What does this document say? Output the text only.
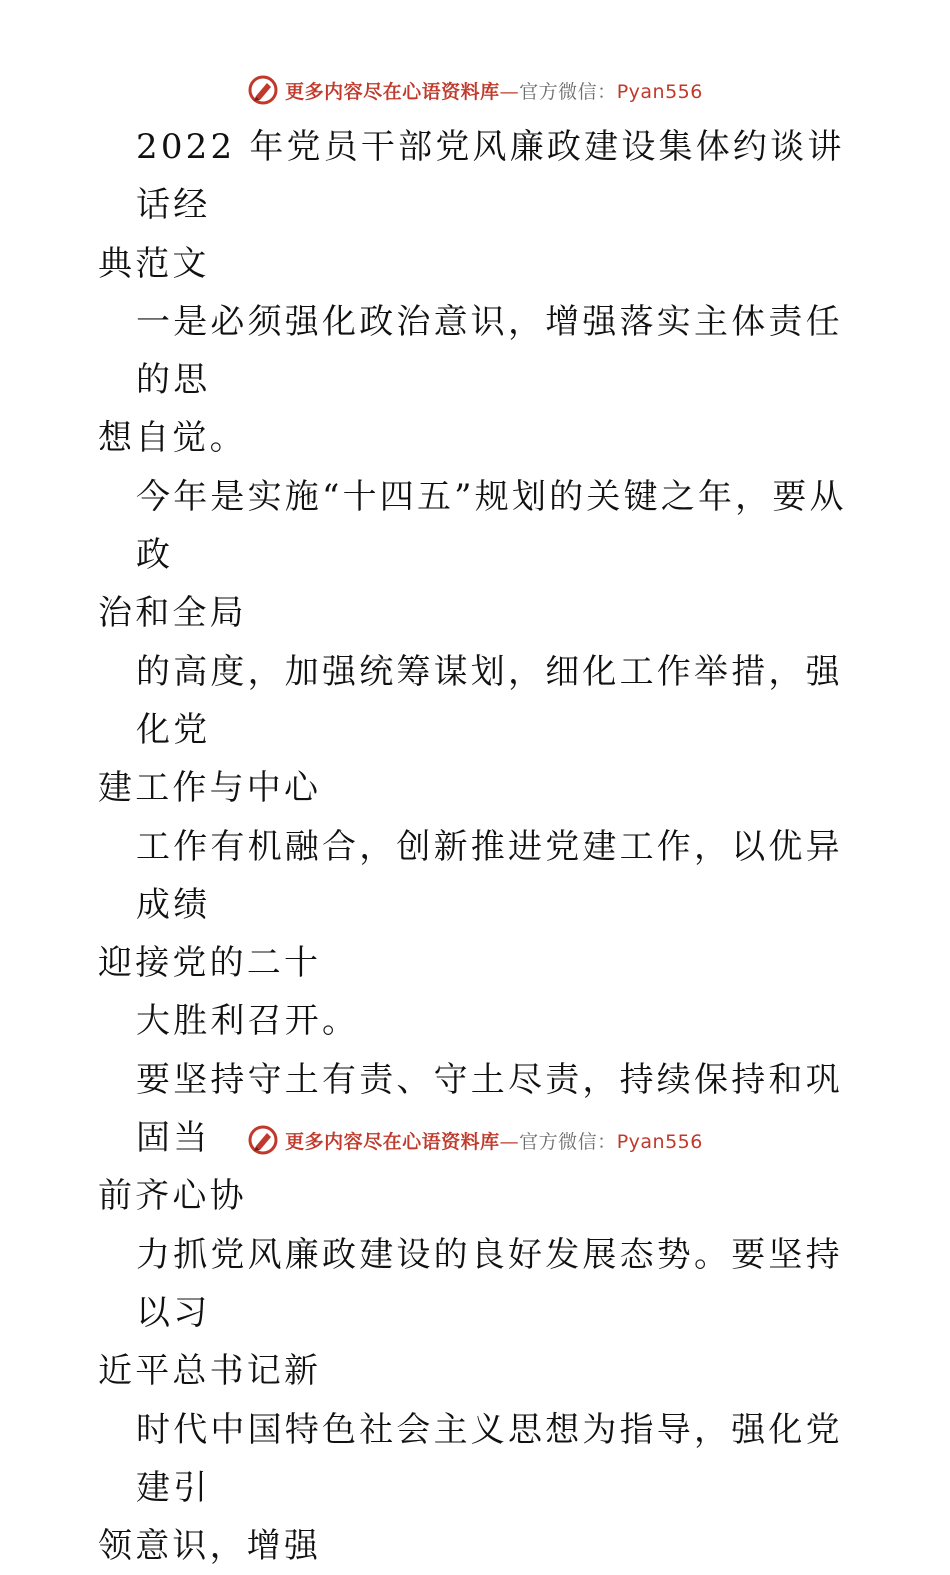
更多内容尽在心语资料库—官方微信：Pyan556

2022 年党员干部党风廉政建设集体约谈讲话经
典范文

一是必须强化政治意识，增强落实主体责任的思
想自觉。

今年是实施“十四五”规划的关键之年，要从政
治和全局

的高度，加强统筹谋划，细化工作举措，强化党
建工作与中心

工作有机融合，创新推进党建工作，以优异成绩
迎接党的二十

大胜利召开。

要坚持守土有责、守土尽责，持续保持和巩固当
前齐心协

力抓党风廉政建设的良好发展态势。要坚持以习
近平总书记新

时代中国特色社会主义思想为指导，强化党建引
领意识，增强

更多内容尽在心语资料库—官方微信：Pyan556
